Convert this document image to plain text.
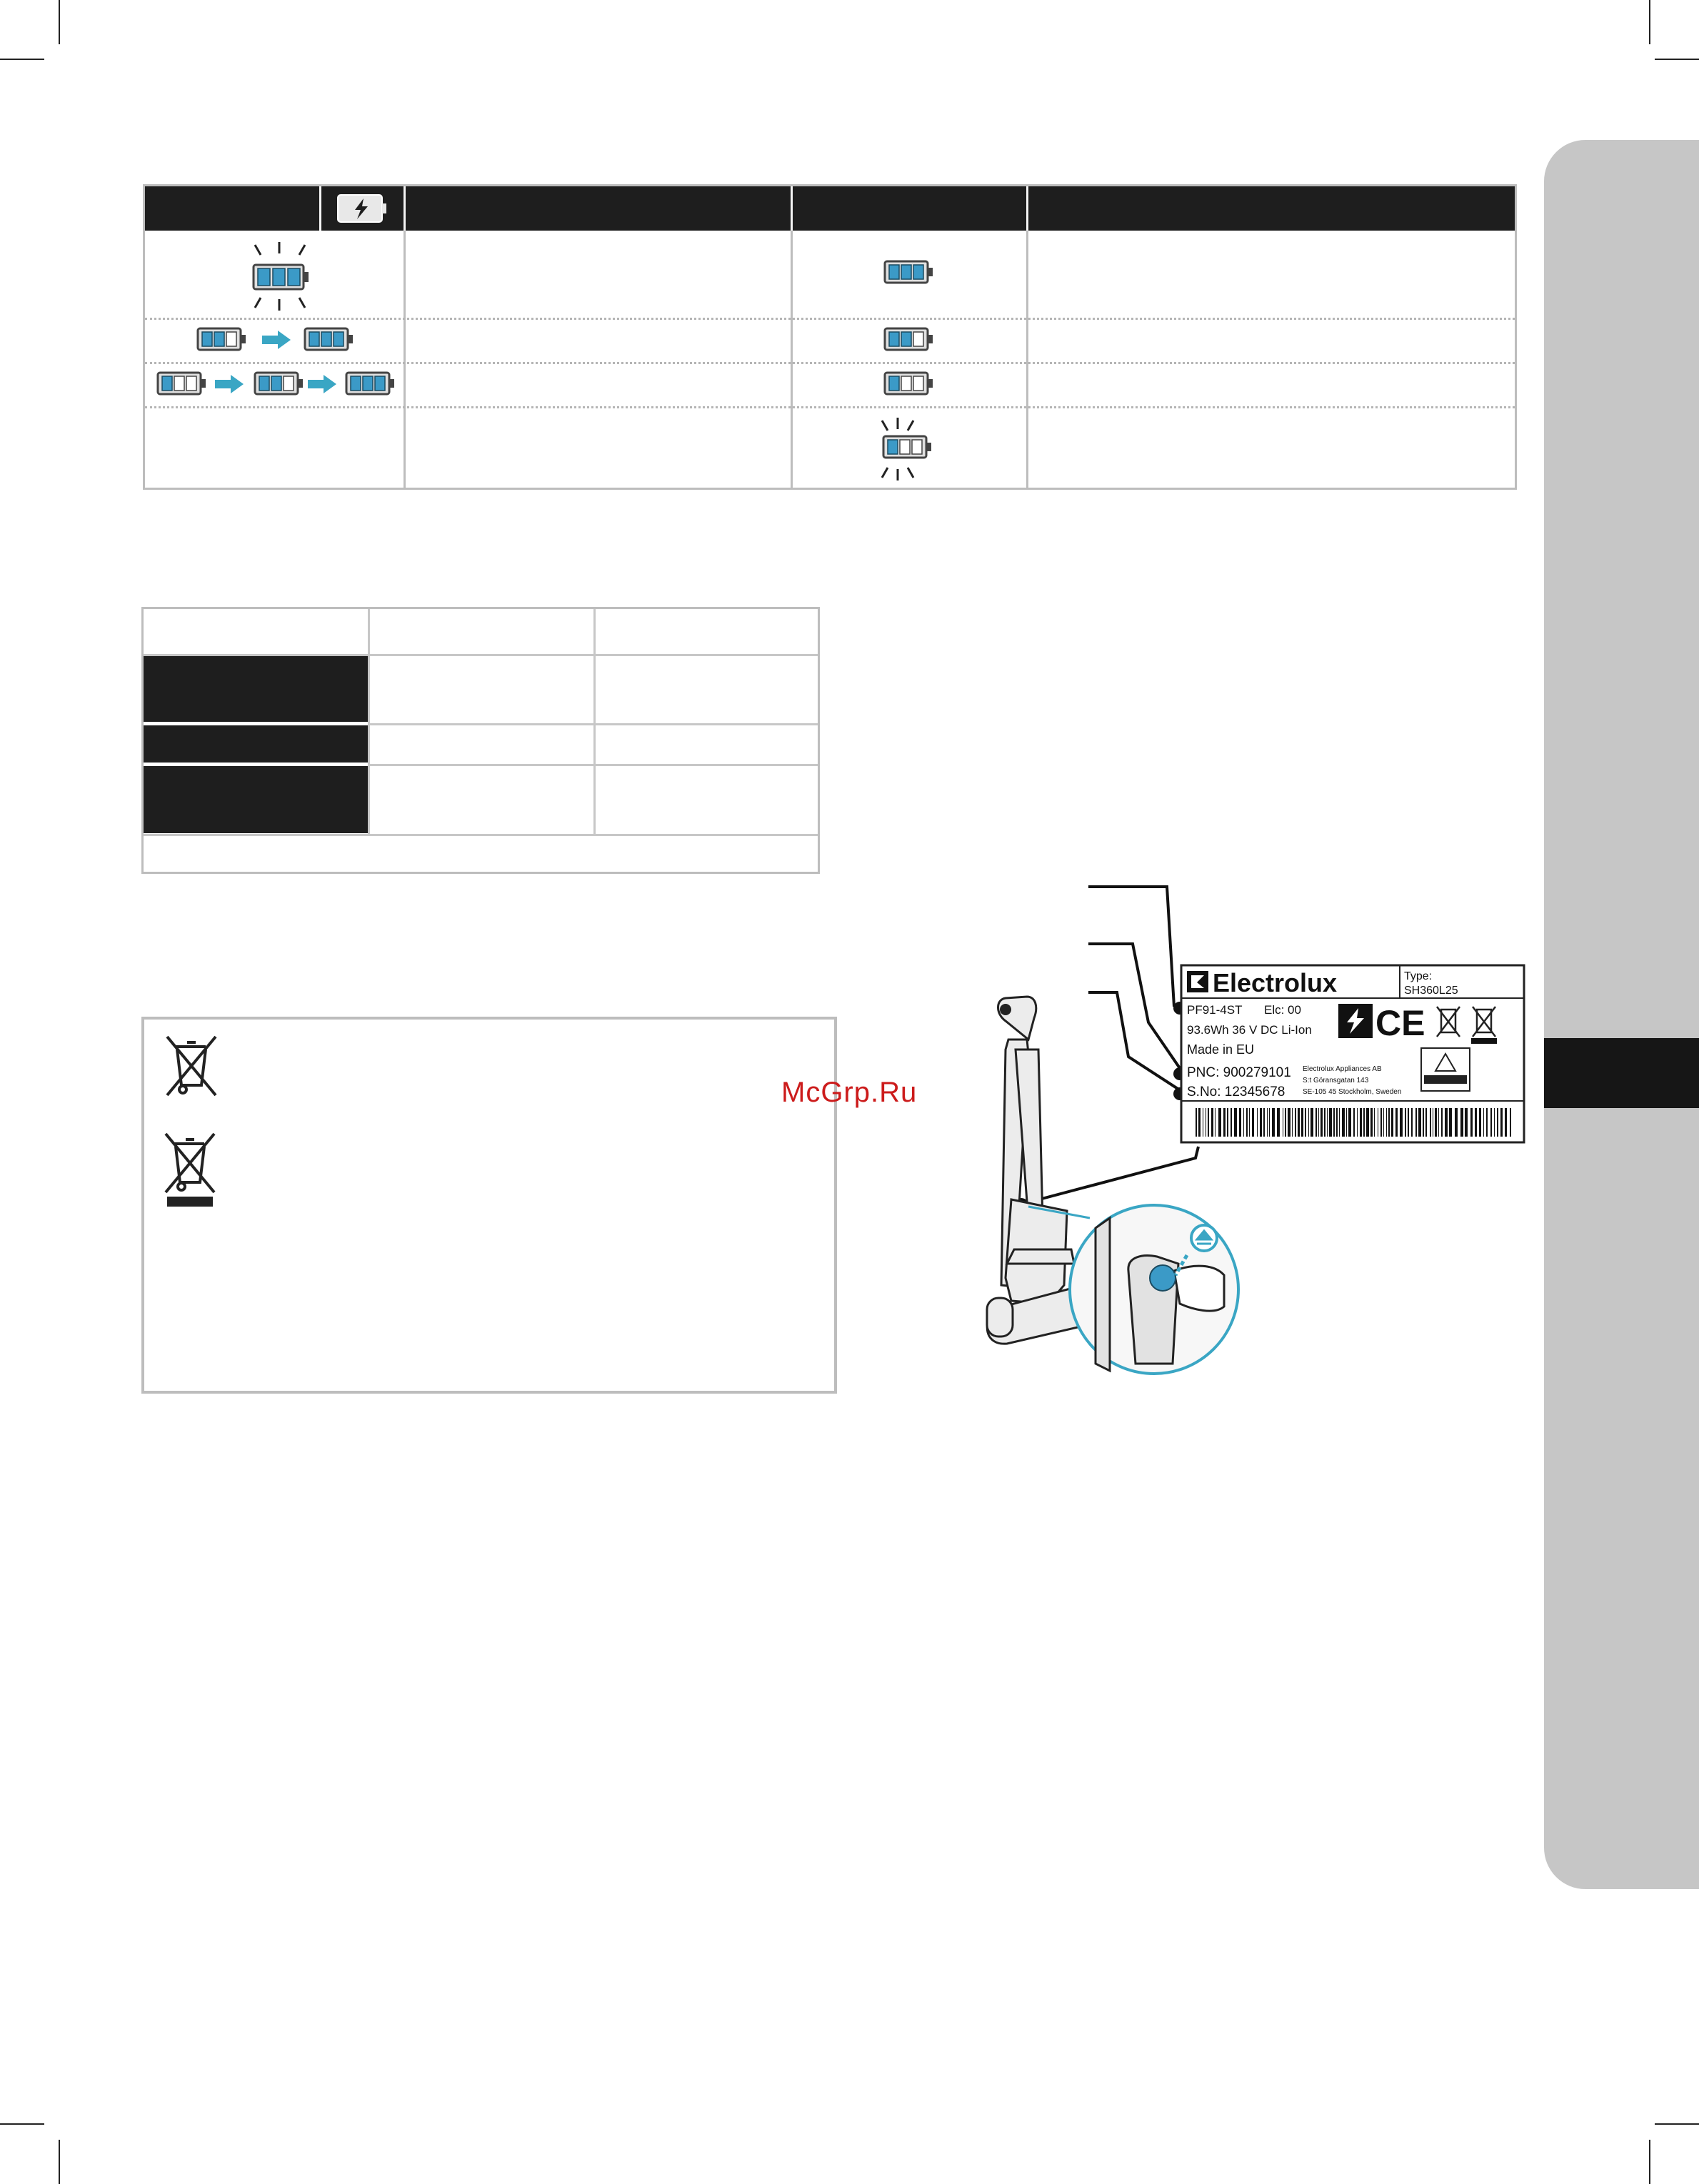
McGrp.Ru
Electrolux	Type:
SH360L25
PF91-4ST Elc: 00
93.6Wh 36 V DC Li-Ion
Made in EU
PNC: 900279101
S.No: 12345678
Electrolux Appliances AB
S:t Göransgatan 143
SE-105 45 Stockholm, Sweden
CE
